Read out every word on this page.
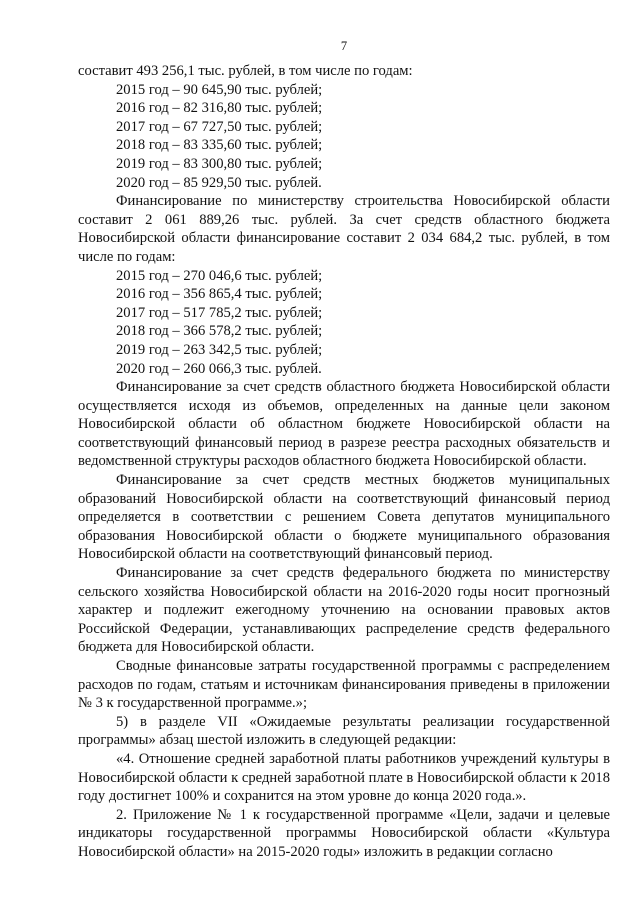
7

составит 493 256,1 тыс. рублей, в том числе по годам:

2015 год – 90 645,90 тыс. рублей;

2016 год – 82 316,80 тыс. рублей;

2017 год – 67 727,50 тыс. рублей;

2018 год – 83 335,60 тыс. рублей;

2019 год – 83 300,80 тыс. рублей;

2020 год – 85 929,50 тыс. рублей.

Финансирование по министерству строительства Новосибирской области составит 2 061 889,26 тыс. рублей. За счет средств областного бюджета Новосибирской области финансирование составит 2 034 684,2 тыс. рублей, в том числе по годам:

2015 год – 270 046,6 тыс. рублей;

2016 год – 356 865,4 тыс. рублей;

2017 год – 517 785,2 тыс. рублей;

2018 год – 366 578,2 тыс. рублей;

2019 год – 263 342,5 тыс. рублей;

2020 год – 260 066,3 тыс. рублей.

Финансирование за счет средств областного бюджета Новосибирской области осуществляется исходя из объемов, определенных на данные цели законом Новосибирской области об областном бюджете Новосибирской области на соответствующий финансовый период в разрезе реестра расходных обязательств и ведомственной структуры расходов областного бюджета Новосибирской области.

Финансирование за счет средств местных бюджетов муниципальных образований Новосибирской области на соответствующий финансовый период определяется в соответствии с решением Совета депутатов муниципального образования Новосибирской области о бюджете муниципального образования Новосибирской области на соответствующий финансовый период.

Финансирование за счет средств федерального бюджета по министерству сельского хозяйства Новосибирской области на 2016-2020 годы носит прогнозный характер и подлежит ежегодному уточнению на основании правовых актов Российской Федерации, устанавливающих распределение средств федерального бюджета для Новосибирской области.

Сводные финансовые затраты государственной программы с распределением расходов по годам, статьям и источникам финансирования приведены в приложении № 3 к государственной программе.»;

5) в разделе VII «Ожидаемые результаты реализации государственной программы» абзац шестой изложить в следующей редакции:

«4. Отношение средней заработной платы работников учреждений культуры в Новосибирской области к средней заработной плате в Новосибирской области к 2018 году достигнет 100% и сохранится на этом уровне до конца 2020 года.».

2. Приложение № 1 к государственной программе «Цели, задачи и целевые индикаторы государственной программы Новосибирской области «Культура Новосибирской области» на 2015-2020 годы» изложить в редакции согласно
